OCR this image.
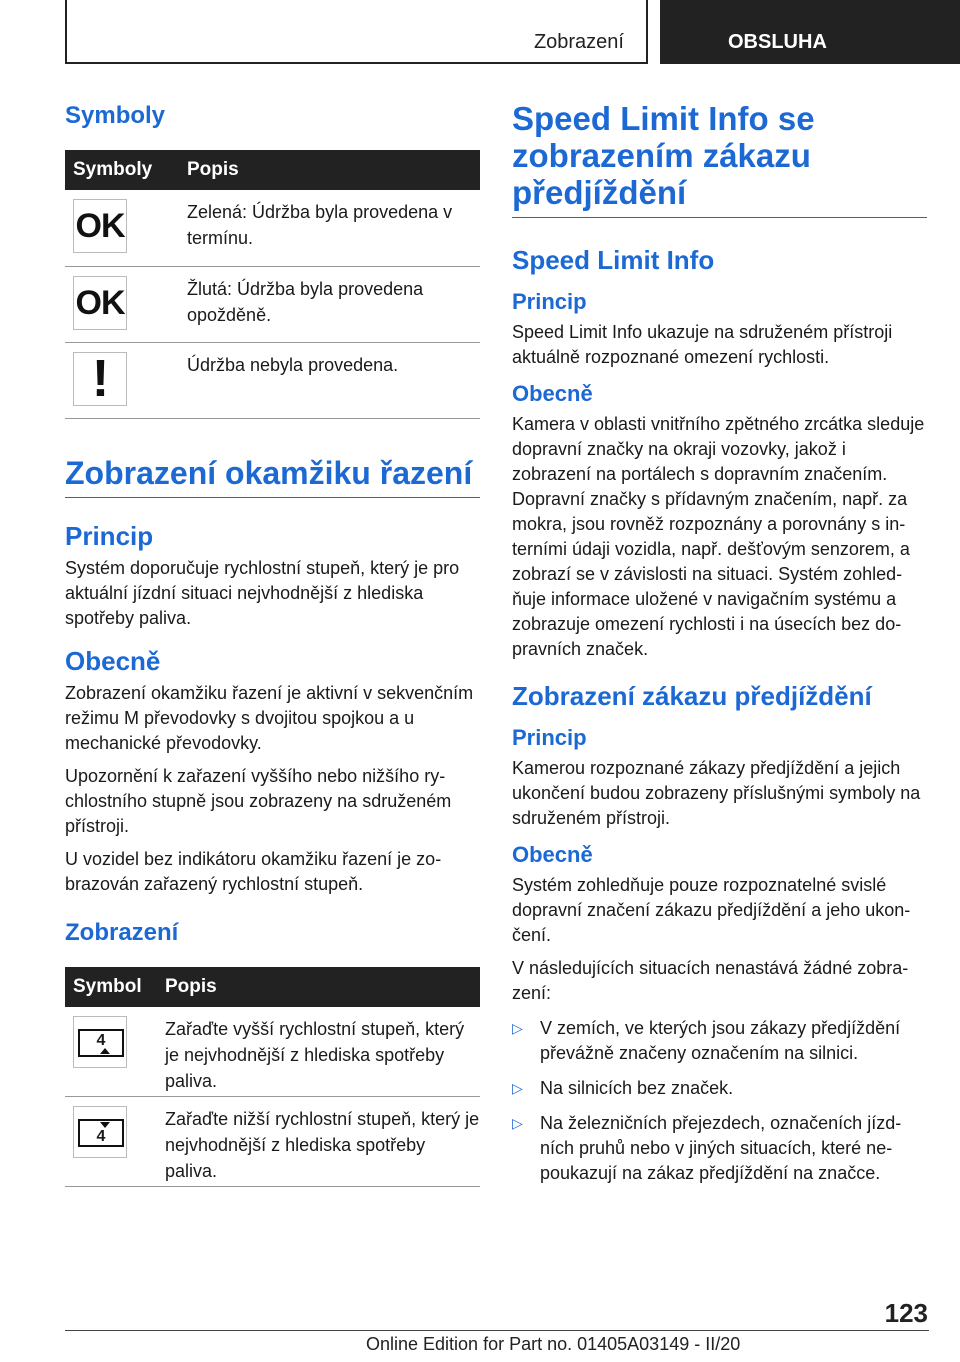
Zobrazení	OBSLUHA
Symboly
Symboly	Popis

OK	Zelená: Údržba byla provedena v termínu.

OK	Žlutá: Údržba byla provedena opožděně.

!	Údržba nebyla provedena.
Zobrazení okamžiku řazení
Princip

Systém doporučuje rychlostní stupeň, který je pro aktuální jízdní situaci nejvhodnější z hlediska spotřeby paliva.

Obecně

Zobrazení okamžiku řazení je aktivní v sekvenčním režimu M převodovky s dvojitou spojkou a u mechanické převodovky.

Upozornění k zařazení vyššího nebo nižšího rychlostního stupně jsou zobrazeny na sdruženém přístroji.

U vozidel bez indikátoru okamžiku řazení je zobrazován zařazený rychlostní stupeň.

Zobrazení
Symbol	Popis

4	Zařaďte vyšší rychlostní stupeň, který je nejvhodnější z hlediska spotřeby paliva.

4	Zařaďte nižší rychlostní stupeň, který je nejvhodnější z hlediska spotřeby paliva.
Speed Limit Info se zobrazením zákazu předjíždění
Speed Limit Info
Princip

Speed Limit Info ukazuje na sdruženém přístroji aktuálně rozpoznané omezení rychlosti.

Obecně

Kamera v oblasti vnitřního zpětného zrcátka sleduje dopravní značky na okraji vozovky, jakož i zobrazení na portálech s dopravním značením. Dopravní značky s přídavným značením, např. za mokra, jsou rovněž rozpoznány a porovnány s interními údaji vozidla, např. dešťovým senzorem, a zobrazí se v závislosti na situaci. Systém zohledňuje informace uložené v navigačním systému a zobrazuje omezení rychlosti i na úsecích bez dopravních značek.

Zobrazení zákazu předjíždění
Princip

Kamerou rozpoznané zákazy předjíždění a jejich ukončení budou zobrazeny příslušnými symboly na sdruženém přístroji.

Obecně

Systém zohledňuje pouze rozpoznatelné svislé dopravní značení zákazu předjíždění a jeho ukončení.

V následujících situacích nenastává žádné zobrazení:

▷ V zemích, ve kterých jsou zákazy předjíždění převážně značeny označením na silnici.
▷ Na silnicích bez značek.
▷ Na železničních přejezdech, označeních jízdních pruhů nebo v jiných situacích, které nepoukazují na zákaz předjíždění na značce.
123
Online Edition for Part no. 01405A03149 - II/20
